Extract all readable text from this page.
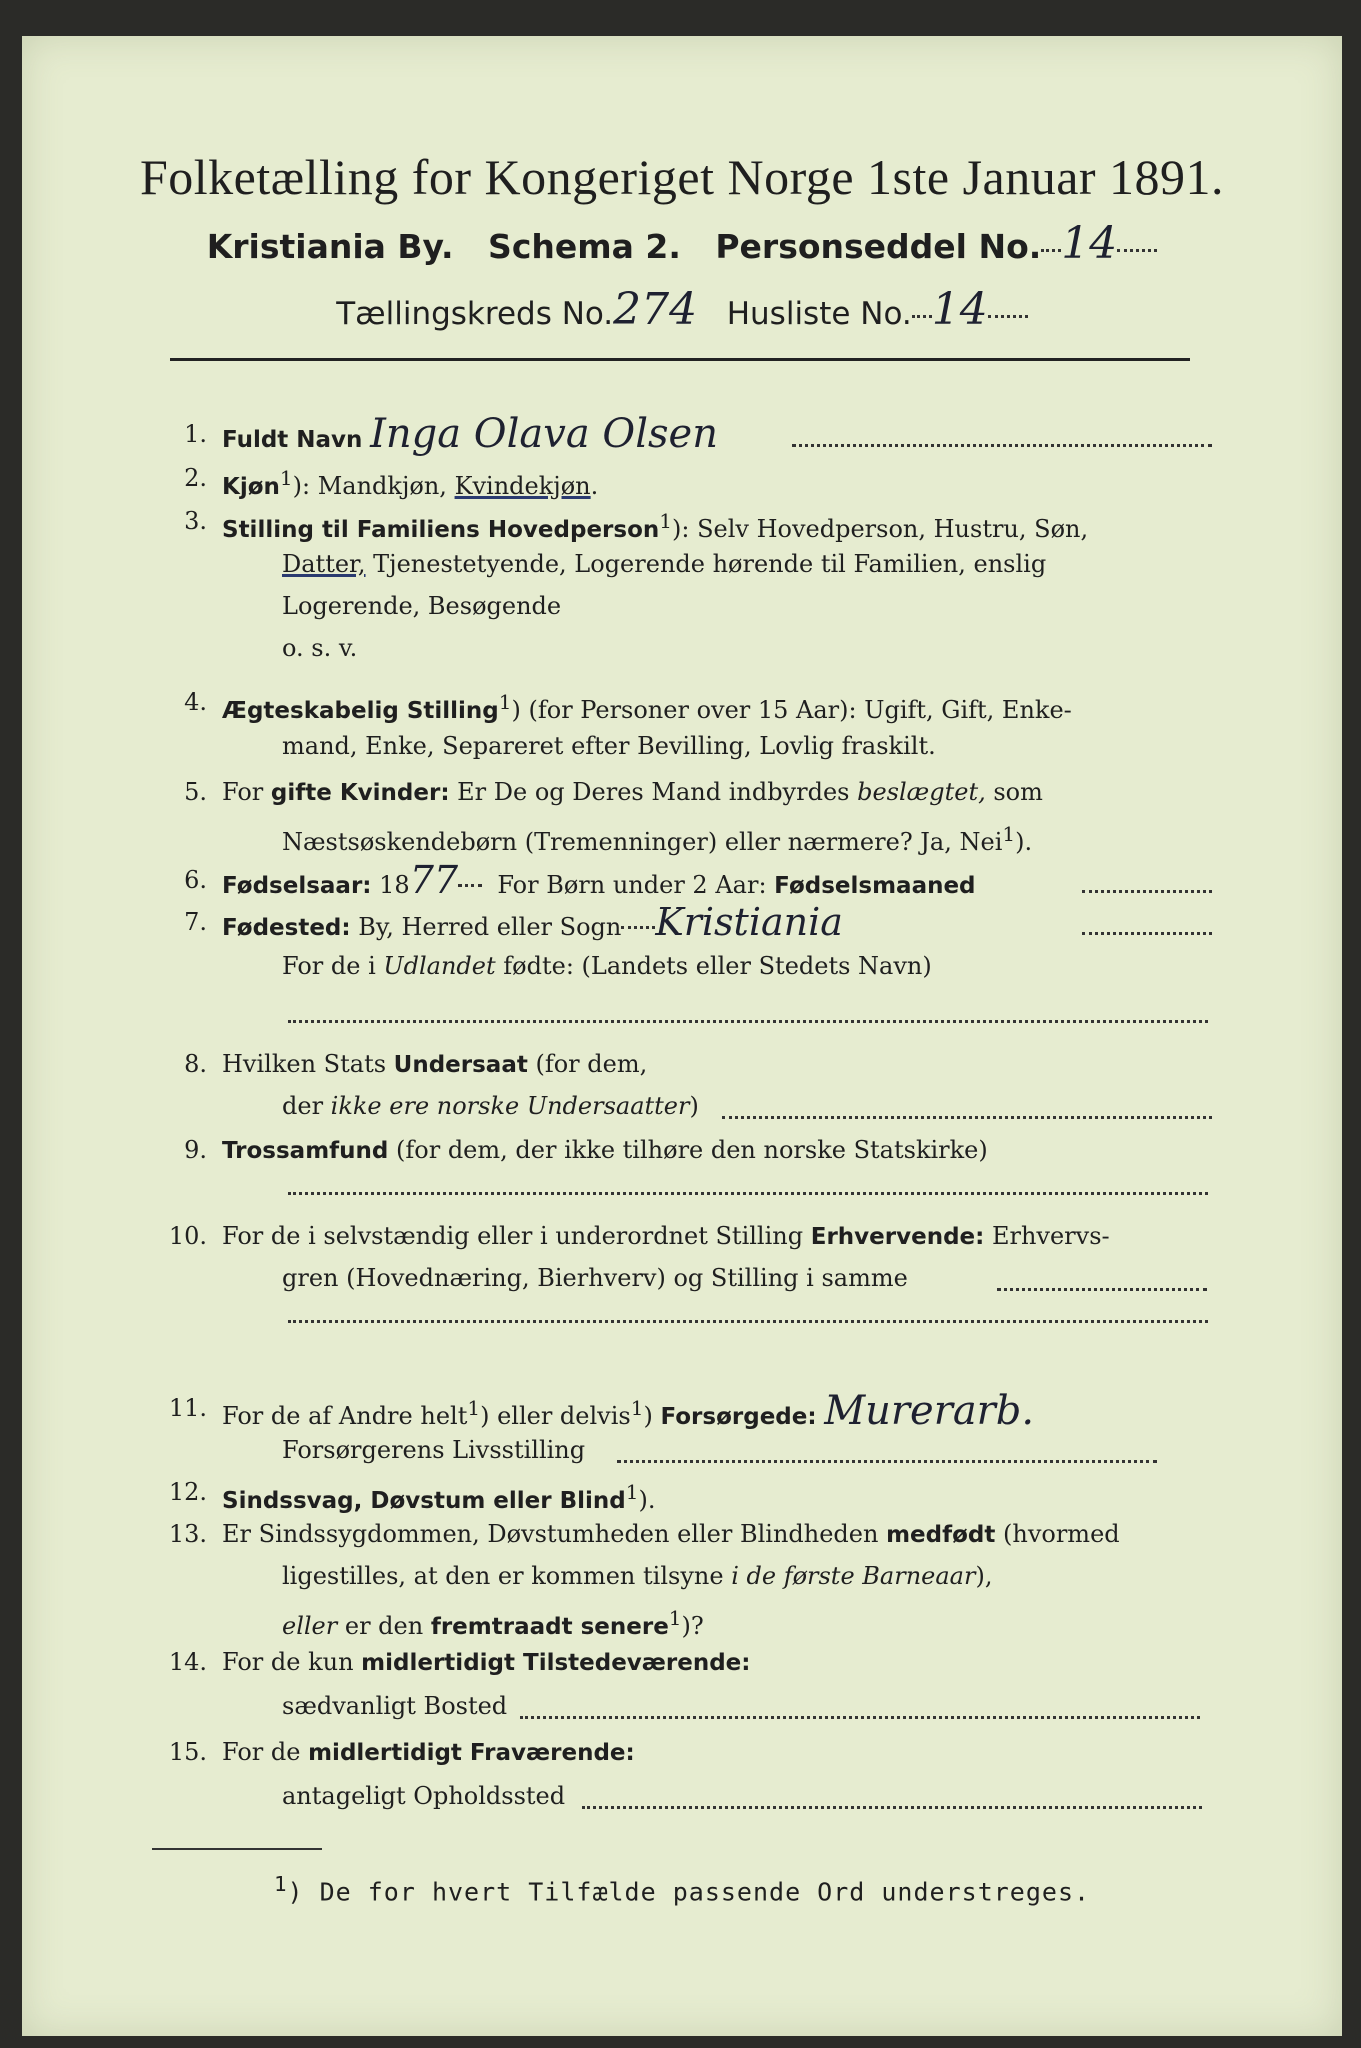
Folketælling for Kongeriget Norge 1ste Januar 1891.
Kristiania By. Schema 2. Personseddel No. 14
Tællingskreds No.274 Husliste No. 14
1. Fuldt Navn Inga Olava Olsen
2. Kjøn$^1$): Mandkjøn, Kvindekjøn.
3. Stilling til Familiens Hovedperson$^1$): Selv Hovedperson, Hustru, Søn,
Datter, Tjenestetyende, Logerende hørende til Familien, enslig
Logerende, Besøgende
o. s. v.
4. Ægteskabelig Stilling$^1$) (for Personer over 15 Aar): Ugift, Gift, Enke-
mand, Enke, Separeret efter Bevilling, Lovlig fraskilt.
5. For gifte Kvinder: Er De og Deres Mand indbyrdes beslægtet, som
Næstsøskendebørn (Tremenninger) eller nærmere? Ja, Nei$^1$).
6. Fødselsaar: 1877 For Børn under 2 Aar: Fødselsmaaned
7. Fødested: By, Herred eller Sogn Kristiania
For de i Udlandet fødte: (Landets eller Stedets Navn)
8. Hvilken Stats Undersaat (for dem,
der ikke ere norske Undersaatter)
9. Trossamfund (for dem, der ikke tilhøre den norske Statskirke)
10. For de i selvstændig eller i underordnet Stilling Erhvervende: Erhvervs-
gren (Hovednæring, Bierhverv) og Stilling i samme
11. For de af Andre helt$^1$) eller delvis$^1$) Forsørgede: Murerarb.
Forsørgerens Livsstilling
12. Sindssvag, Døvstum eller Blind$^1$).
13. Er Sindssygdommen, Døvstumheden eller Blindheden medfødt (hvormed
ligestilles, at den er kommen tilsyne i de første Barneaar),
eller er den fremtraadt senere$^1$)?
14. For de kun midlertidigt Tilstedeværende:
sædvanligt Bosted
15. For de midlertidigt Fraværende:
antageligt Opholdssted
$^1$) De for hvert Tilfælde passende Ord understreges.
